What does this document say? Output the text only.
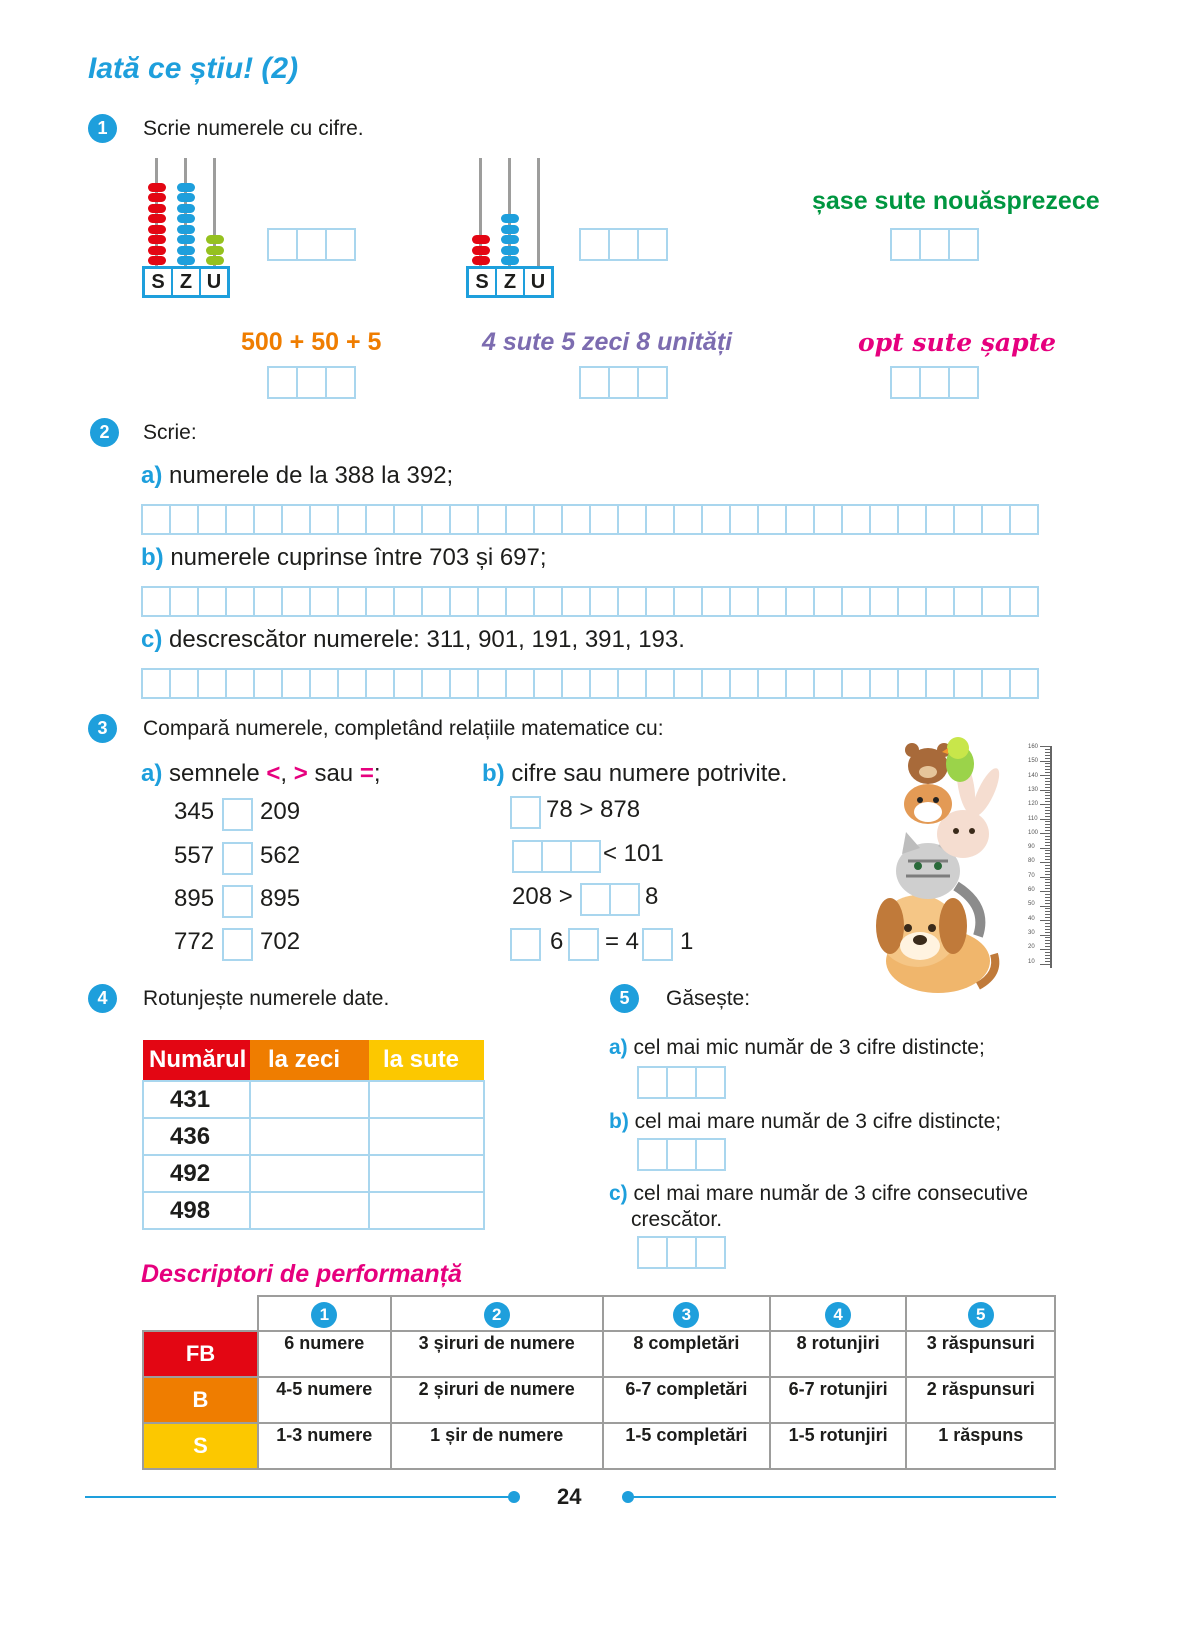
Iată ce știu! (2)
1	Scrie numerele cu cifre.
S Z U	S Z U
șase sute nouăsprezece
500 + 50 + 5	4 sute 5 zeci 8 unități	opt sute șapte
2	Scrie:
a) numerele de la 388 la 392;
b) numerele cuprinse între 703 și 697;
c) descrescător numerele: 311, 901, 191, 391, 193.
3	Compară numerele, completând relațiile matematice cu:
a) semnele <, > sau =;
345 209
557 562
895 895
772 702
b) cifre sau numere potrivite.
78 > 878
< 101
208 >	8
6 = 4 1
160
150
140
130
120
110
100
90
80
70
60
50
40
30
20
10
4	Rotunjește numerele date.
Numărul	la zeci	la sute
431		
436		
492		
498		
5	Găsește:
a) cel mai mic număr de 3 cifre distincte;
b) cel mai mare număr de 3 cifre distincte;
c) cel mai mare număr de 3 cifre consecutive
crescător.
Descriptori de performanță
	1	2	3	4	5
FB	6 numere	3 șiruri de numere	8 completări	8 rotunjiri	3 răspunsuri
B	4-5 numere	2 șiruri de numere	6-7 completări	6-7 rotunjiri	2 răspunsuri
S	1-3 numere	1 șir de numere	1-5 completări	1-5 rotunjiri	1 răspuns
24
